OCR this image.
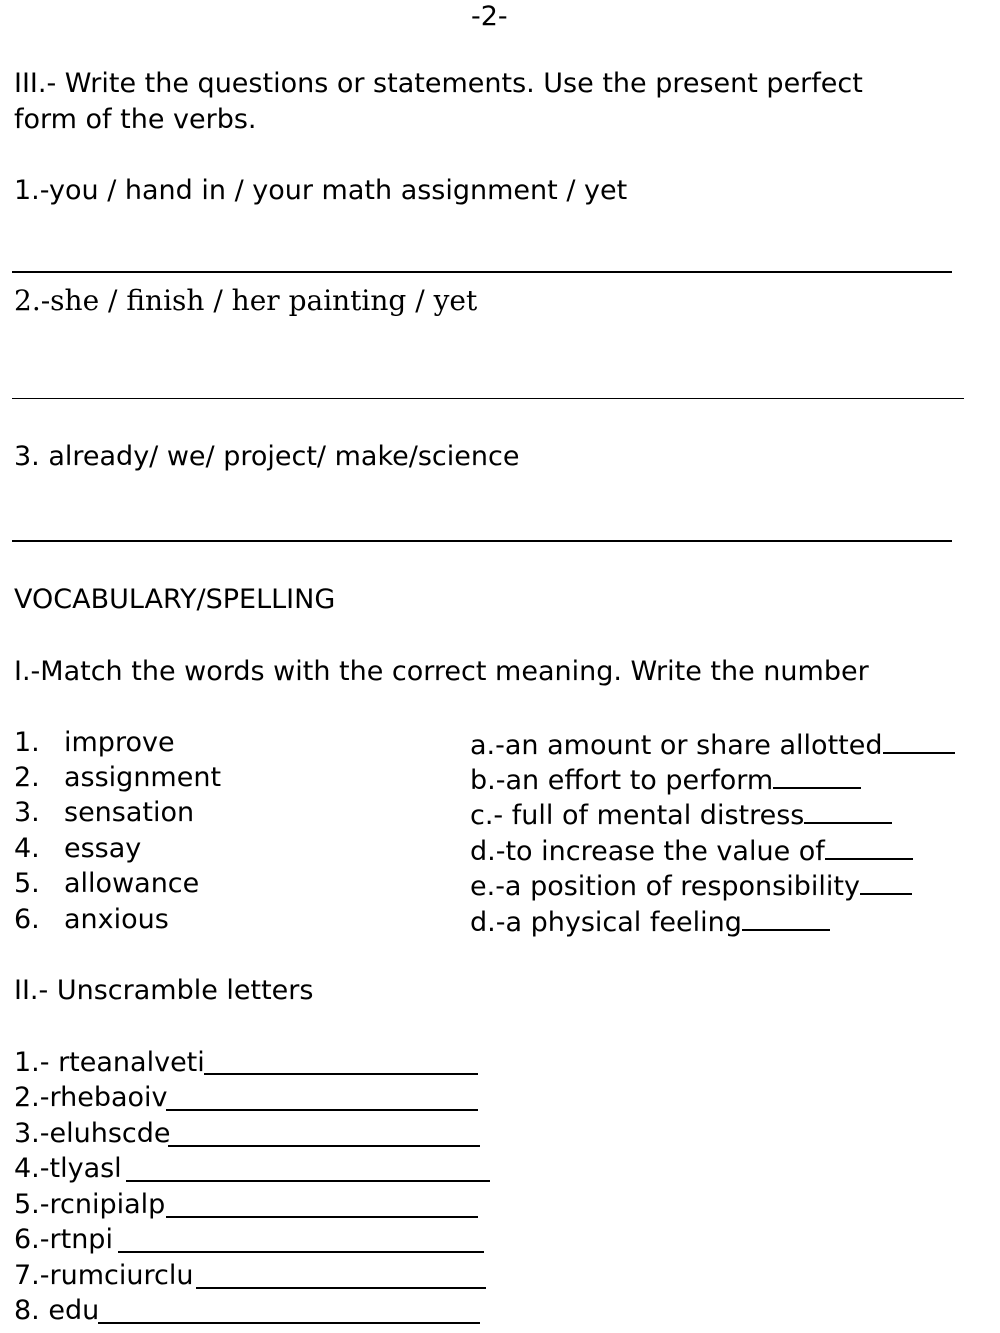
-2-
III.- Write the questions or statements. Use the present perfect
form of the verbs.
1.-you / hand in / your math assignment / yet
2.-she / finish / her painting / yet
3. already/ we/ project/ make/science
VOCABULARY/SPELLING
I.-Match the words with the correct meaning. Write the number
1. improve
2. assignment
3. sensation
4. essay
5. allowance
6. anxious
a.-an amount or share allotted
b.-an effort to perform
c.- full of mental distress
d.-to increase the value of
e.-a position of responsibility
d.-a physical feeling
II.- Unscramble letters
1.- rteanalveti
2.-rhebaoiv
3.-eluhscde
4.-tlyasl
5.-rcnipialp
6.-rtnpi
7.-rumciurclu
8. edu
